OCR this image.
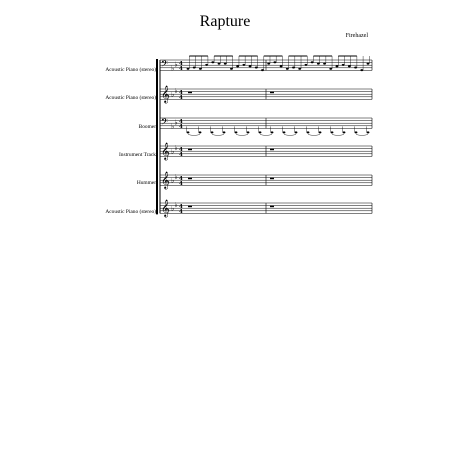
Rapture
Firehazel
Acoustic Piano (stereo)
Acoustic Piano (stereo)
Boomer
Instrument Track
Hummer
Acoustic Piano (stereo)
𝄢 ♭ ♭ 4
4
𝄞 ♭ ♭ 4
4
𝄢 ♭ ♭ 4
4
𝄞 ♭ ♭ 4
4
𝄞 ♭ ♭ 4
4
𝄞 ♭ ♭ 4
4
